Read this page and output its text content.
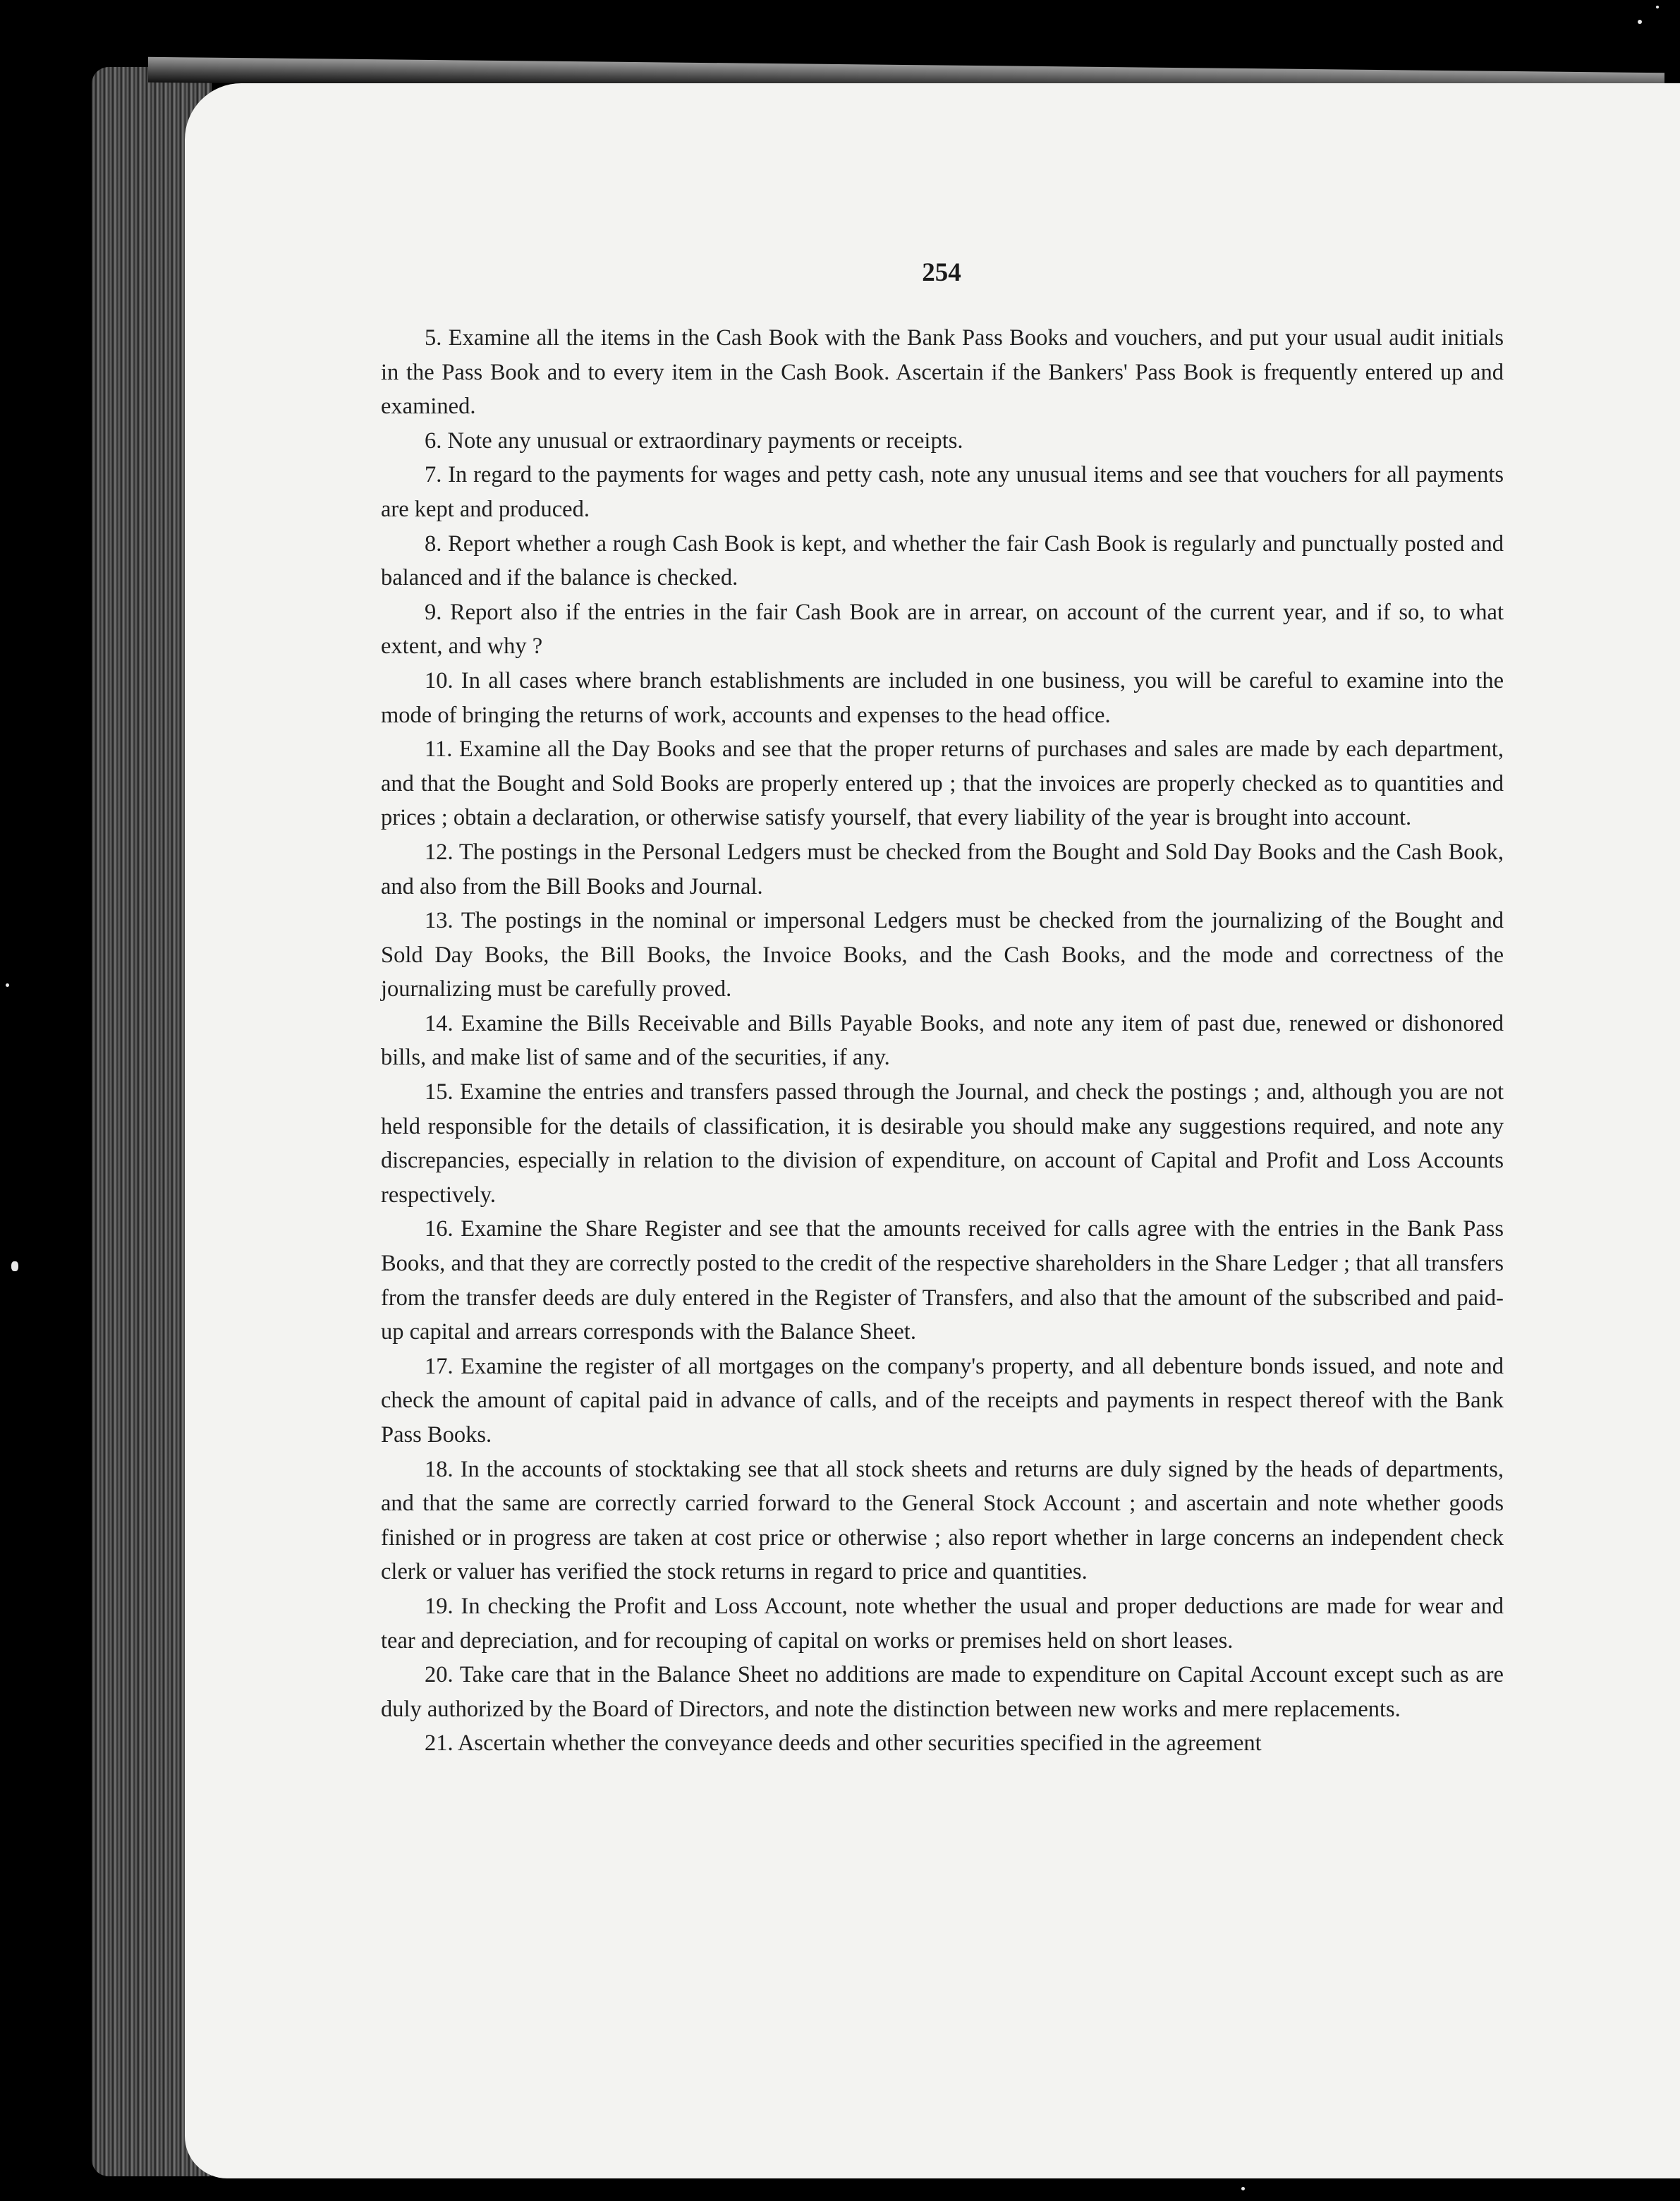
254

5. Examine all the items in the Cash Book with the Bank Pass Books and vouchers, and put your usual audit initials in the Pass Book and to every item in the Cash Book. Ascertain if the Bankers' Pass Book is frequently entered up and examined.

6. Note any unusual or extraordinary payments or receipts.

7. In regard to the payments for wages and petty cash, note any unusual items and see that vouchers for all payments are kept and produced.

8. Report whether a rough Cash Book is kept, and whether the fair Cash Book is regularly and punctually posted and balanced and if the balance is checked.

9. Report also if the entries in the fair Cash Book are in arrear, on account of the current year, and if so, to what extent, and why ?

10. In all cases where branch establishments are included in one business, you will be careful to examine into the mode of bringing the returns of work, accounts and expenses to the head office.

11. Examine all the Day Books and see that the proper returns of purchases and sales are made by each department, and that the Bought and Sold Books are properly entered up ; that the invoices are properly checked as to quantities and prices ; obtain a declaration, or otherwise satisfy yourself, that every liability of the year is brought into account.

12. The postings in the Personal Ledgers must be checked from the Bought and Sold Day Books and the Cash Book, and also from the Bill Books and Journal.

13. The postings in the nominal or impersonal Ledgers must be checked from the journalizing of the Bought and Sold Day Books, the Bill Books, the Invoice Books, and the Cash Books, and the mode and correctness of the journalizing must be carefully proved.

14. Examine the Bills Receivable and Bills Payable Books, and note any item of past due, renewed or dishonored bills, and make list of same and of the securities, if any.

15. Examine the entries and transfers passed through the Journal, and check the postings ; and, although you are not held responsible for the details of classification, it is desirable you should make any suggestions required, and note any discrepancies, especially in relation to the division of expenditure, on account of Capital and Profit and Loss Accounts respectively.

16. Examine the Share Register and see that the amounts received for calls agree with the entries in the Bank Pass Books, and that they are correctly posted to the credit of the respective shareholders in the Share Ledger ; that all transfers from the transfer deeds are duly entered in the Register of Transfers, and also that the amount of the subscribed and paid-up capital and arrears corresponds with the Balance Sheet.

17. Examine the register of all mortgages on the company's property, and all debenture bonds issued, and note and check the amount of capital paid in advance of calls, and of the receipts and payments in respect thereof with the Bank Pass Books.

18. In the accounts of stocktaking see that all stock sheets and returns are duly signed by the heads of departments, and that the same are correctly carried forward to the General Stock Account ; and ascertain and note whether goods finished or in progress are taken at cost price or otherwise ; also report whether in large concerns an independent check clerk or valuer has verified the stock returns in regard to price and quantities.

19. In checking the Profit and Loss Account, note whether the usual and proper deductions are made for wear and tear and depreciation, and for recouping of capital on works or premises held on short leases.

20. Take care that in the Balance Sheet no additions are made to expenditure on Capital Account except such as are duly authorized by the Board of Directors, and note the distinction between new works and mere replacements.

21. Ascertain whether the conveyance deeds and other securities specified in the agreement
